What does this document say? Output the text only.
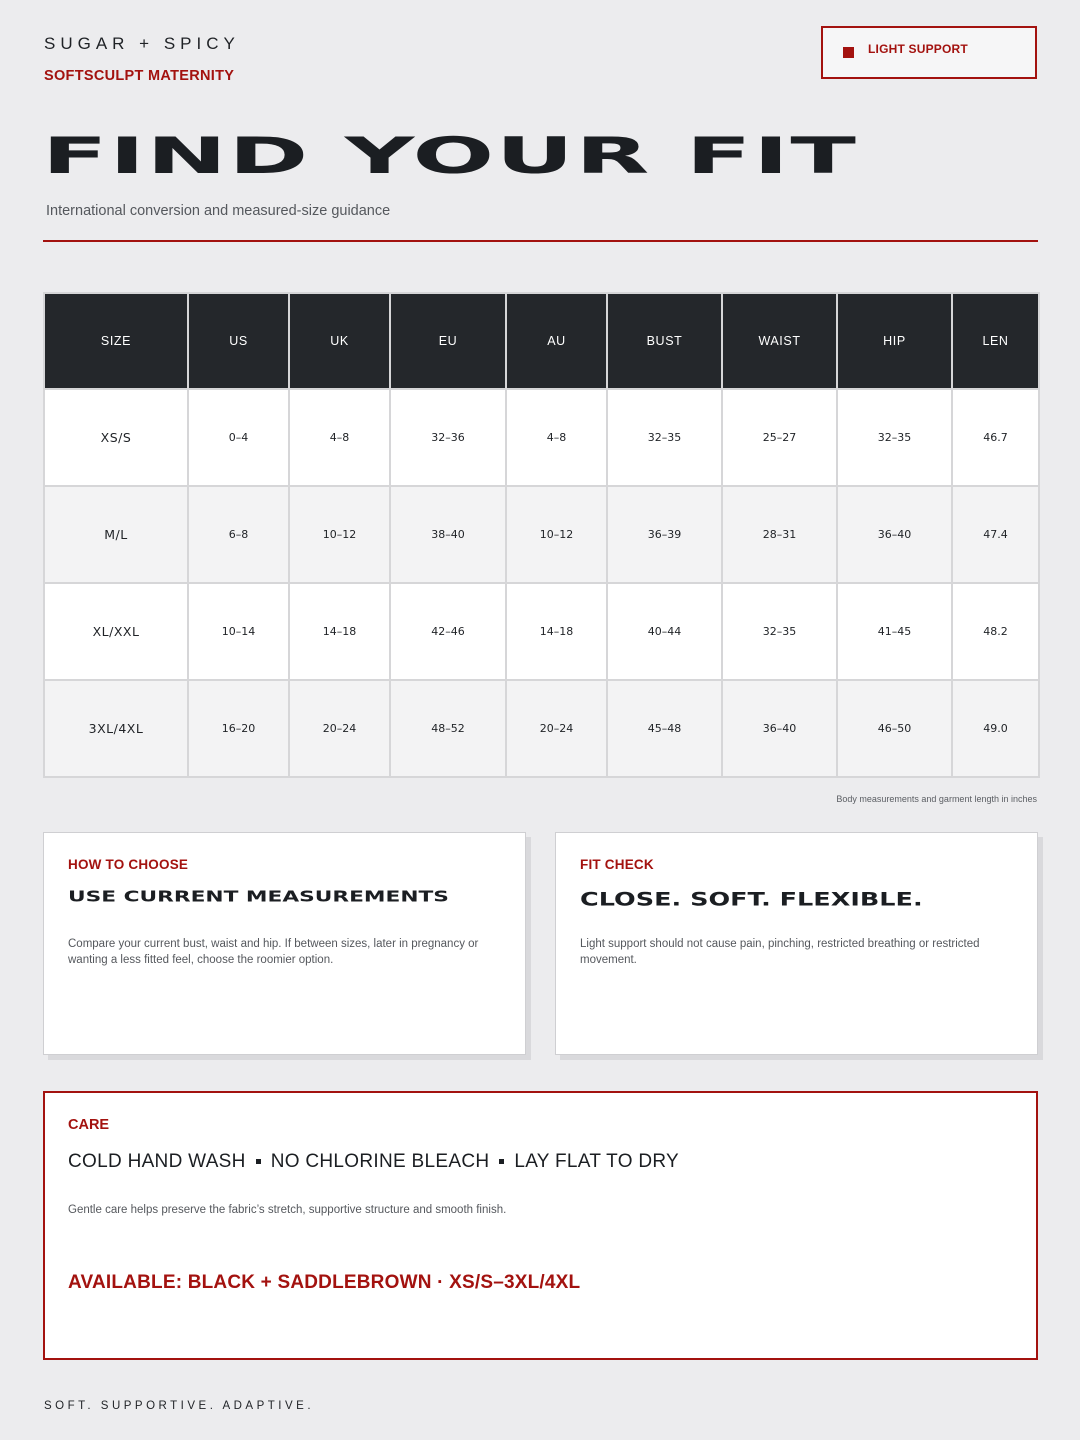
SUGAR + SPICY
SOFTSCULPT MATERNITY
LIGHT SUPPORT
FIND YOUR FIT
International conversion and measured-size guidance
SIZE	US	UK	EU	AU	BUST	WAIST	HIP	LEN
XS/S	0–4	4–8	32–36	4–8	32–35	25–27	32–35	46.7
M/L	6–8	10–12	38–40	10–12	36–39	28–31	36–40	47.4
XL/XXL	10–14	14–18	42–46	14–18	40–44	32–35	41–45	48.2
3XL/4XL	16–20	20–24	48–52	20–24	45–48	36–40	46–50	49.0
Body measurements and garment length in inches
HOW TO CHOOSE
USE CURRENT MEASUREMENTS
Compare your current bust, waist and hip. If between sizes, later in pregnancy or wanting a less fitted feel, choose the roomier option.
FIT CHECK
CLOSE. SOFT. FLEXIBLE.
Light support should not cause pain, pinching, restricted breathing or restricted movement.
CARE
COLD HAND WASH NO CHLORINE BLEACH LAY FLAT TO DRY
Gentle care helps preserve the fabric’s stretch, supportive structure and smooth finish.
AVAILABLE: BLACK + SADDLEBROWN · XS/S–3XL/4XL
SOFT. SUPPORTIVE. ADAPTIVE.
